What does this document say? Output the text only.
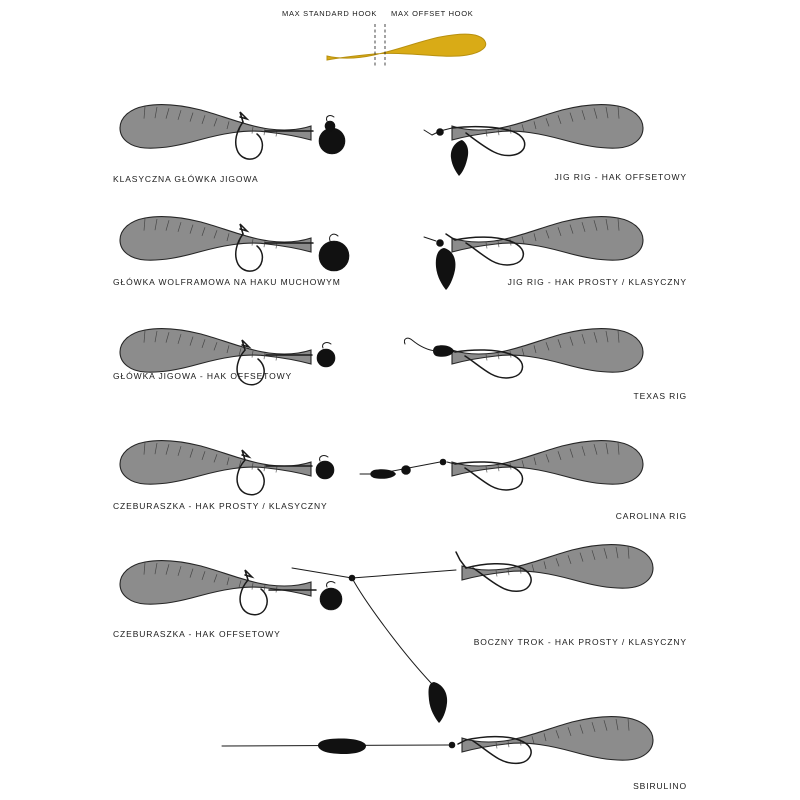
MAX STANDARD HOOK MAX OFFSET HOOK
KLASYCZNA GŁÓWKA JIGOWA	JIG RIG - HAK OFFSETOWY
GŁÓWKA WOLFRAMOWA NA HAKU MUCHOWYM	JIG RIG - HAK PROSTY / KLASYCZNY
GŁÓWKA JIGOWA - HAK OFFSETOWY
TEXAS RIG
CZEBURASZKA - HAK PROSTY / KLASYCZNY
CAROLINA RIG
CZEBURASZKA - HAK OFFSETOWY
BOCZNY TROK - HAK PROSTY / KLASYCZNY
SBIRULINO
